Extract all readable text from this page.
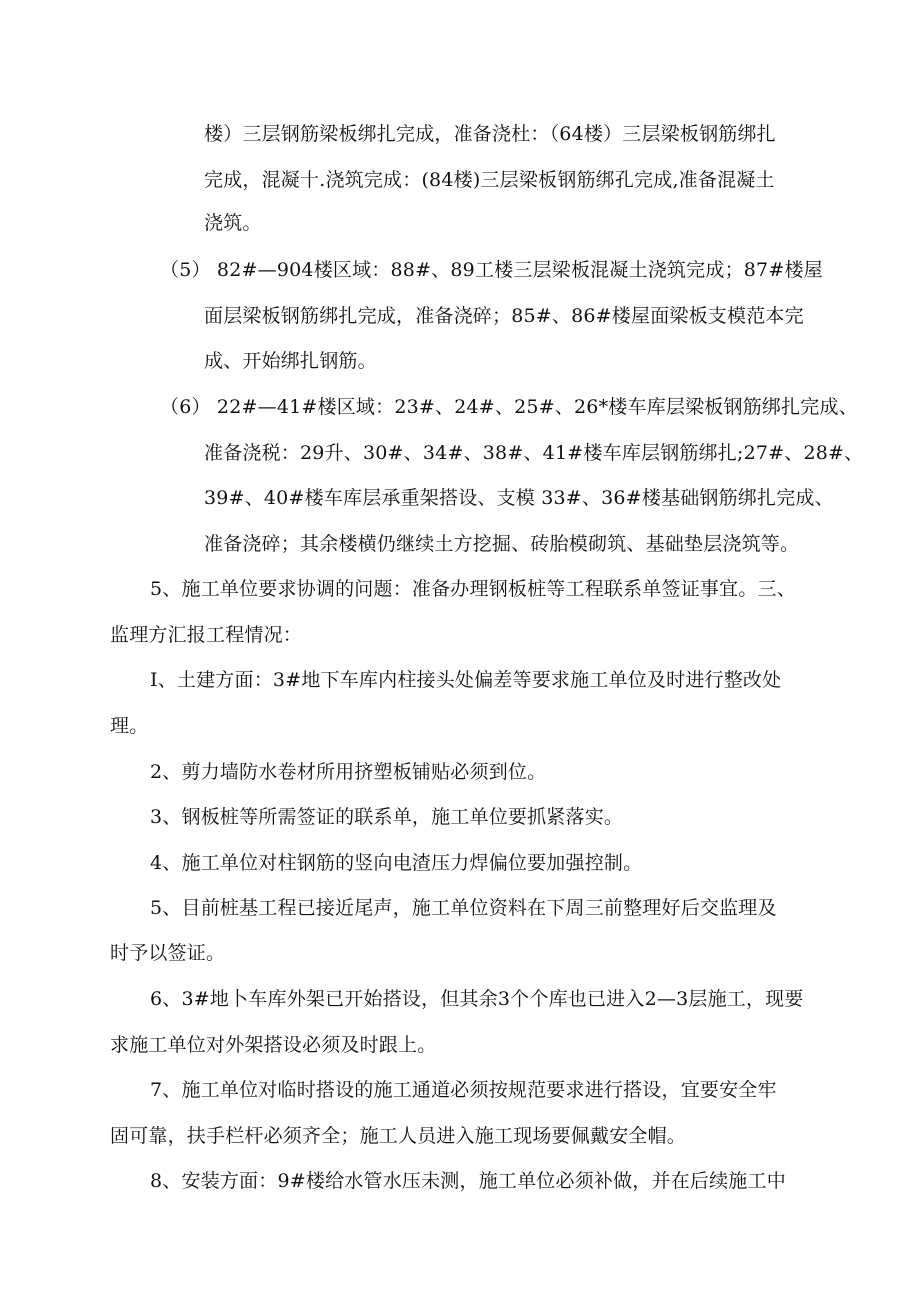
楼）三层钢筋梁板绑扎完成，准备浇杜：（64楼）三层梁板钢筋绑扎
完成，混凝十.浇筑完成：(84楼)三层梁板钢筋绑孔完成,准备混凝土
浇筑。
（5） 82#—904楼区域：88#、89工楼三层梁板混凝土浇筑完成；87#楼屋
面层梁板钢筋绑扎完成，准备浇碎；85#、86#楼屋面梁板支模范本完
成、开始绑扎钢筋。
（6） 22#—41#楼区域：23#、24#、25#、26*楼车库层梁板钢筋绑扎完成、
准备浇税：29升、30#、34#、38#、41#楼车库层钢筋绑扎;27#、28#、
39#、40#楼车库层承重架搭设、支模 33#、36#楼基础钢筋绑扎完成、
准备浇碎；其余楼横仍继续土方挖掘、砖胎模砌筑、基础垫层浇筑等。
5、施工单位要求协调的问题：准备办理钢板桩等工程联系单签证事宜。三、
监理方汇报工程情况：
I、土建方面：3#地下车库内柱接头处偏差等要求施工单位及时进行整改处
理。
2、剪力墙防水卷材所用挤塑板铺贴必须到位。
3、钢板桩等所需签证的联系单，施工单位要抓紧落实。
4、施工单位对柱钢筋的竖向电渣压力焊偏位要加强控制。
5、目前桩基工程已接近尾声，施工单位资料在下周三前整理好后交监理及
时予以签证。
6、3#地卜车库外架已开始搭设，但其余3个个库也已进入2—3层施工，现要
求施工单位对外架搭设必须及时跟上。
7、施工单位对临时搭设的施工通道必须按规范要求进行搭设，宜要安全牢
固可靠，扶手栏杆必须齐全；施工人员进入施工现场要佩戴安全帽。
8、安装方面：9#楼给水管水压未测，施工单位必须补做，并在后续施工中
